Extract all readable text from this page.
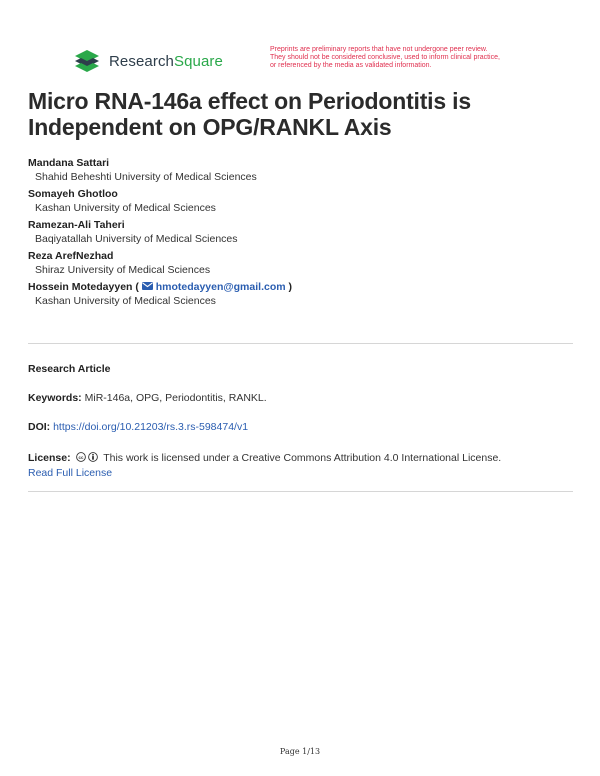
ResearchSquare
Preprints are preliminary reports that have not undergone peer review.
They should not be considered conclusive, used to inform clinical practice,
or referenced by the media as validated information.
Micro RNA-146a effect on Periodontitis is Independent on OPG/RANKL Axis
Mandana Sattari
Shahid Beheshti University of Medical Sciences
Somayeh Ghotloo
Kashan University of Medical Sciences
Ramezan-Ali Taheri
Baqiyatallah University of Medical Sciences
Reza ArefNezhad
Shiraz University of Medical Sciences
Hossein Motedayyen (  hmotedayyen@gmail.com )
Kashan University of Medical Sciences
Research Article
Keywords: MiR-146a, OPG, Periodontitis, RANKL.
DOI: https://doi.org/10.21203/rs.3.rs-598474/v1
License: cc This work is licensed under a Creative Commons Attribution 4.0 International License.
Read Full License
Page 1/13
